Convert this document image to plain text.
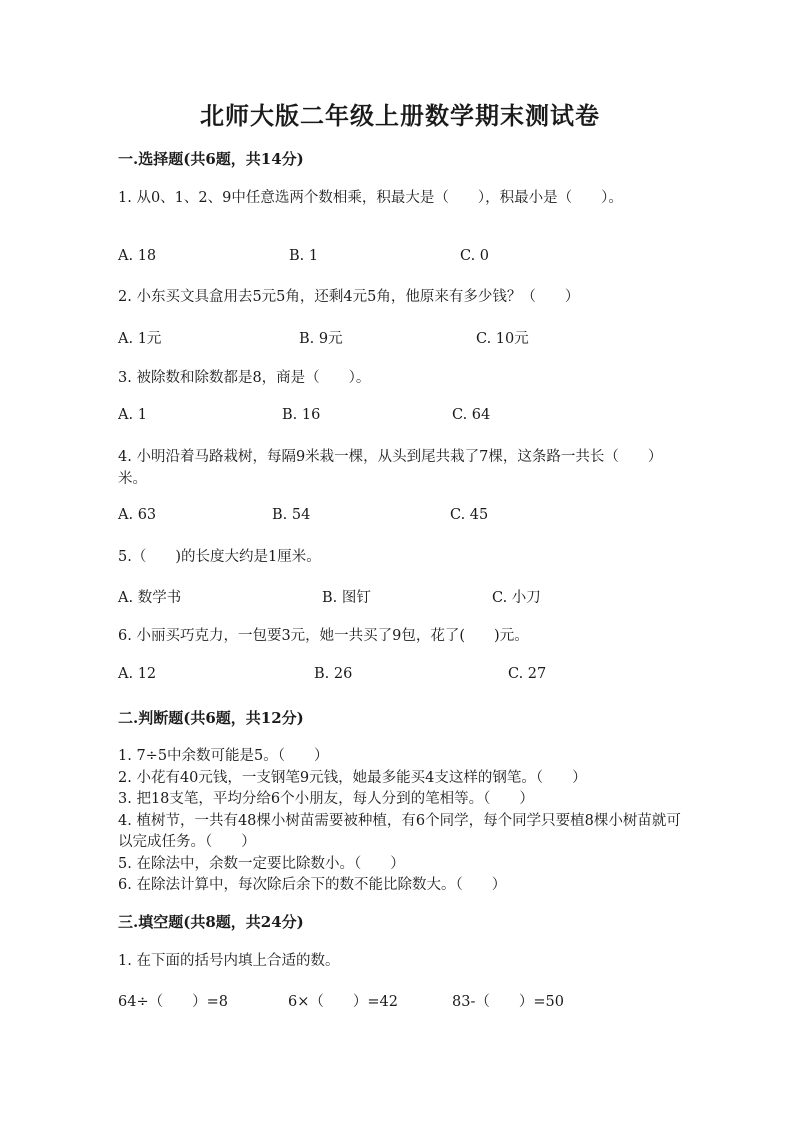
北师大版二年级上册数学期末测试卷
一.选择题(共6题，共14分)
1. 从0、1、2、9中任意选两个数相乘，积最大是（　　），积最小是（　　）。
A. 18	B. 1	C. 0
2. 小东买文具盒用去5元5角，还剩4元5角，他原来有多少钱？（　　）
A. 1元	B. 9元	C. 10元
3. 被除数和除数都是8，商是（　　）。
A. 1	B. 16	C. 64
4. 小明沿着马路栽树，每隔9米栽一棵，从头到尾共栽了7棵，这条路一共长（　　）米。
A. 63	B. 54	C. 45
5.（　　)的长度大约是1厘米。
A. 数学书	B. 图钉	C. 小刀
6. 小丽买巧克力，一包要3元，她一共买了9包，花了(　　)元。
A. 12	B. 26	C. 27
二.判断题(共6题，共12分)
1. 7÷5中余数可能是5。（　　）
2. 小花有40元钱，一支钢笔9元钱，她最多能买4支这样的钢笔。（　　）
3. 把18支笔，平均分给6个小朋友，每人分到的笔相等。（　　）
4. 植树节，一共有48棵小树苗需要被种植，有6个同学，每个同学只要植8棵小树苗就可以完成任务。（　　）
5. 在除法中，余数一定要比除数小。（　　）
6. 在除法计算中，每次除后余下的数不能比除数大。（　　）
三.填空题(共8题，共24分)
1. 在下面的括号内填上合适的数。
64÷（　　）=8	6×（　　）=42	83-（　　）=50
